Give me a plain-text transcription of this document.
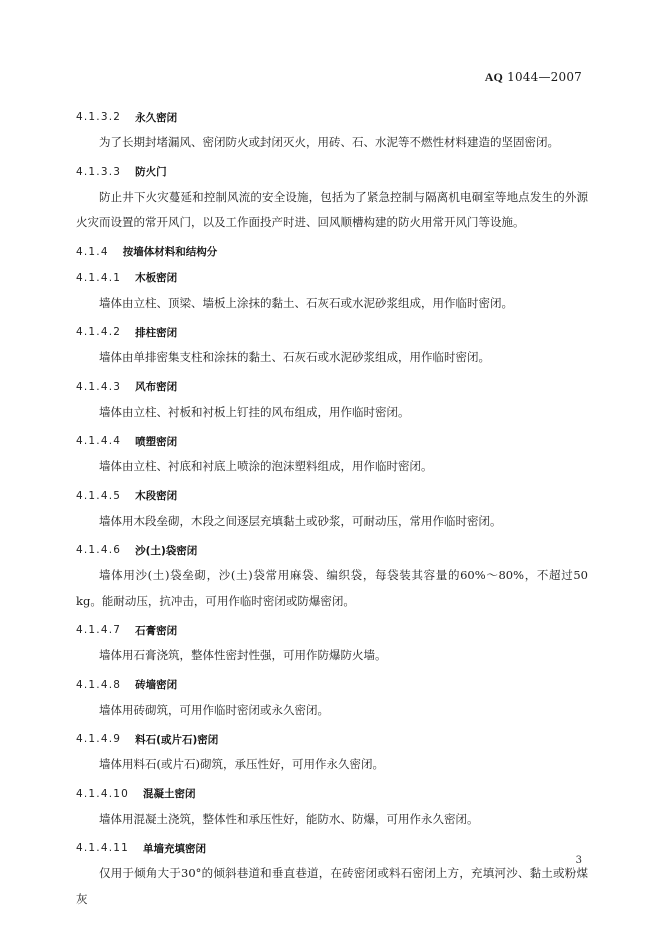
AQ 1044—2007
4.1.3.2 永久密闭
为了长期封堵漏风、密闭防火或封闭灭火，用砖、石、水泥等不燃性材料建造的坚固密闭。
4.1.3.3 防火门
防止井下火灾蔓延和控制风流的安全设施，包括为了紧急控制与隔离机电硐室等地点发生的外源火灾而设置的常开风门，以及工作面投产时进、回风顺槽构建的防火用常开风门等设施。
4.1.4 按墙体材料和结构分
4.1.4.1 木板密闭
墙体由立柱、顶梁、墙板上涂抹的黏土、石灰石或水泥砂浆组成，用作临时密闭。
4.1.4.2 排柱密闭
墙体由单排密集支柱和涂抹的黏土、石灰石或水泥砂浆组成，用作临时密闭。
4.1.4.3 风布密闭
墙体由立柱、衬板和衬板上钉挂的风布组成，用作临时密闭。
4.1.4.4 喷塑密闭
墙体由立柱、衬底和衬底上喷涂的泡沫塑料组成，用作临时密闭。
4.1.4.5 木段密闭
墙体用木段垒砌，木段之间逐层充填黏土或砂浆，可耐动压，常用作临时密闭。
4.1.4.6 沙(土)袋密闭
墙体用沙(土)袋垒砌，沙(土)袋常用麻袋、编织袋，每袋装其容量的60%～80%，不超过50 kg。能耐动压，抗冲击，可用作临时密闭或防爆密闭。
4.1.4.7 石膏密闭
墙体用石膏浇筑，整体性密封性强，可用作防爆防火墙。
4.1.4.8 砖墙密闭
墙体用砖砌筑，可用作临时密闭或永久密闭。
4.1.4.9 料石(或片石)密闭
墙体用料石(或片石)砌筑，承压性好，可用作永久密闭。
4.1.4.10 混凝土密闭
墙体用混凝土浇筑，整体性和承压性好，能防水、防爆，可用作永久密闭。
4.1.4.11 单墙充填密闭
仅用于倾角大于30°的倾斜巷道和垂直巷道，在砖密闭或料石密闭上方，充填河沙、黏土或粉煤灰
3
